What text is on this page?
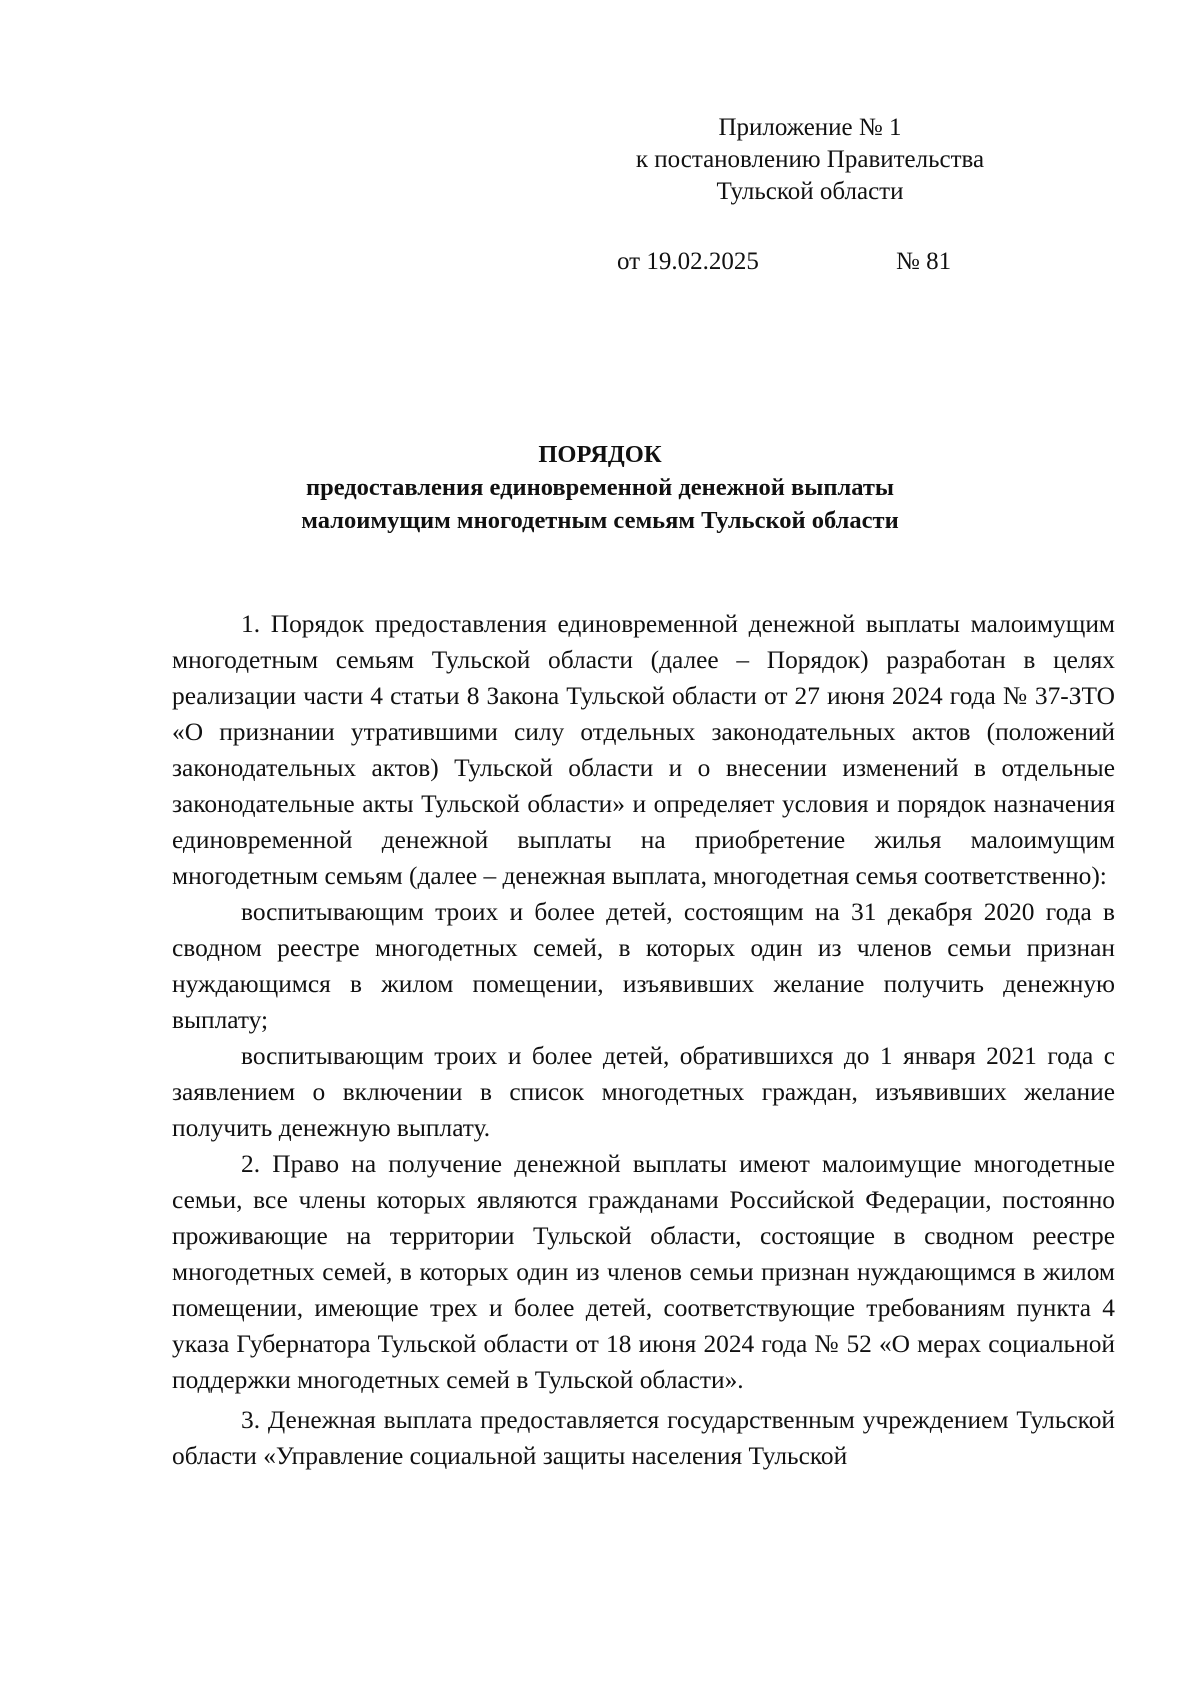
Приложение № 1
к постановлению Правительства
Тульской области
от 19.02.2025	№ 81
ПОРЯДОК
предоставления единовременной денежной выплаты
малоимущим многодетным семьям Тульской области

1. Порядок предоставления единовременной денежной выплаты малоимущим многодетным семьям Тульской области (далее – Порядок) разработан в целях реализации части 4 статьи 8 Закона Тульской области от 27 июня 2024 года № 37-ЗТО «О признании утратившими силу отдельных законодательных актов (положений законодательных актов) Тульской области и о внесении изменений в отдельные законодательные акты Тульской области» и определяет условия и порядок назначения единовременной денежной выплаты на приобретение жилья малоимущим многодетным семьям (далее – денежная выплата, многодетная семья соответственно):

воспитывающим троих и более детей, состоящим на 31 декабря 2020 года в сводном реестре многодетных семей, в которых один из членов семьи признан нуждающимся в жилом помещении, изъявивших желание получить денежную выплату;

воспитывающим троих и более детей, обратившихся до 1 января 2021 года с заявлением о включении в список многодетных граждан, изъявивших желание получить денежную выплату.

2. Право на получение денежной выплаты имеют малоимущие многодетные семьи, все члены которых являются гражданами Российской Федерации, постоянно проживающие на территории Тульской области, состоящие в сводном реестре многодетных семей, в которых один из членов семьи признан нуждающимся в жилом помещении, имеющие трех и более детей, соответствующие требованиям пункта 4 указа Губернатора Тульской области от 18 июня 2024 года № 52 «О мерах социальной поддержки многодетных семей в Тульской области».

3. Денежная выплата предоставляется государственным учреждением Тульской области «Управление социальной защиты населения Тульской
